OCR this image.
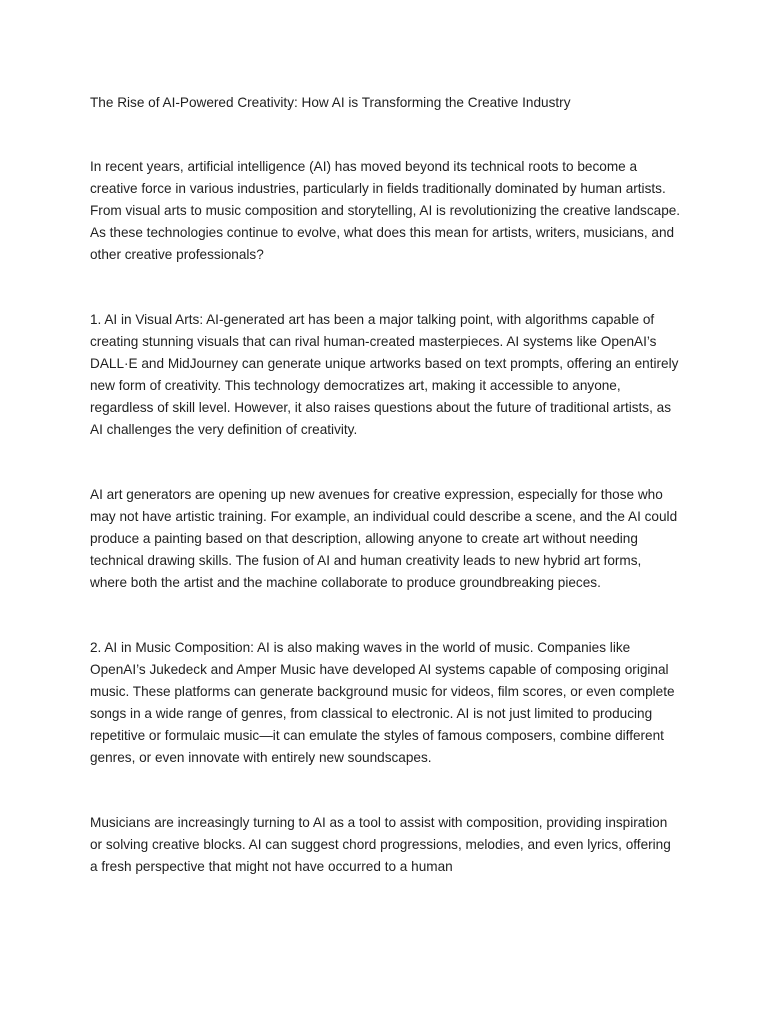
The Rise of AI-Powered Creativity: How AI is Transforming the Creative Industry

In recent years, artificial intelligence (AI) has moved beyond its technical roots to become a creative force in various industries, particularly in fields traditionally dominated by human artists. From visual arts to music composition and storytelling, AI is revolutionizing the creative landscape. As these technologies continue to evolve, what does this mean for artists, writers, musicians, and other creative professionals?

1. AI in Visual Arts: AI-generated art has been a major talking point, with algorithms capable of creating stunning visuals that can rival human-created masterpieces. AI systems like OpenAI’s DALL·E and MidJourney can generate unique artworks based on text prompts, offering an entirely new form of creativity. This technology democratizes art, making it accessible to anyone, regardless of skill level. However, it also raises questions about the future of traditional artists, as AI challenges the very definition of creativity.

AI art generators are opening up new avenues for creative expression, especially for those who may not have artistic training. For example, an individual could describe a scene, and the AI could produce a painting based on that description, allowing anyone to create art without needing technical drawing skills. The fusion of AI and human creativity leads to new hybrid art forms, where both the artist and the machine collaborate to produce groundbreaking pieces.

2. AI in Music Composition: AI is also making waves in the world of music. Companies like OpenAI’s Jukedeck and Amper Music have developed AI systems capable of composing original music. These platforms can generate background music for videos, film scores, or even complete songs in a wide range of genres, from classical to electronic. AI is not just limited to producing repetitive or formulaic music—it can emulate the styles of famous composers, combine different genres, or even innovate with entirely new soundscapes.

Musicians are increasingly turning to AI as a tool to assist with composition, providing inspiration or solving creative blocks. AI can suggest chord progressions, melodies, and even lyrics, offering a fresh perspective that might not have occurred to a human
